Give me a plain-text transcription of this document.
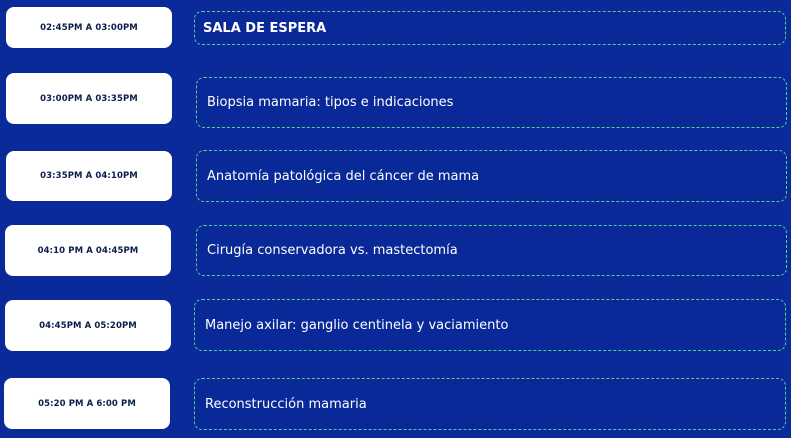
02:45PM A 03:00PM	SALA DE ESPERA
03:00PM A 03:35PM	Biopsia mamaria: tipos e indicaciones
03:35PM A 04:10PM	Anatomía patológica del cáncer de mama
04:10 PM A 04:45PM	Cirugía conservadora vs. mastectomía
04:45PM A 05:20PM	Manejo axilar: ganglio centinela y vaciamiento
05:20 PM A 6:00 PM	Reconstrucción mamaria
